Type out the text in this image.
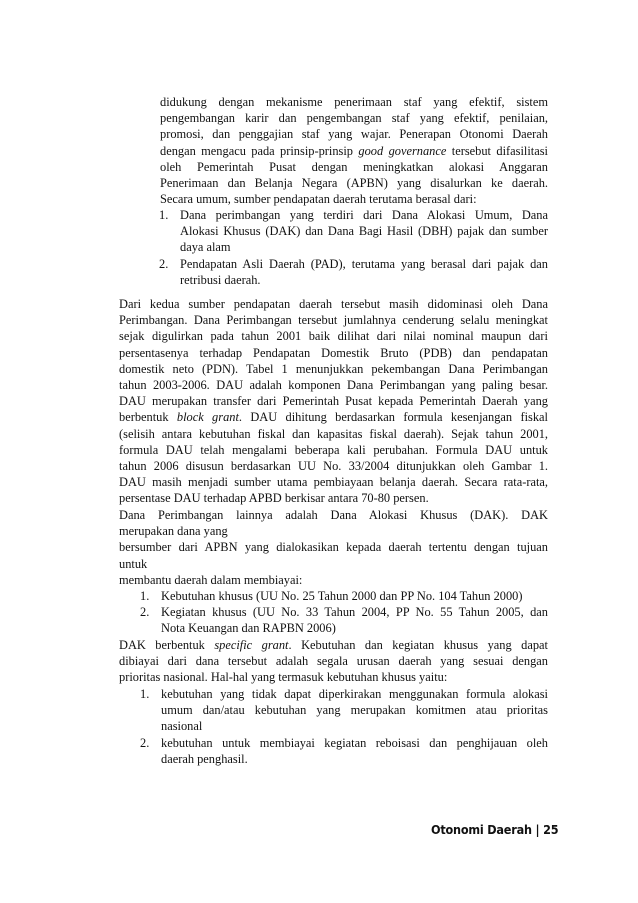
didukung dengan mekanisme penerimaan staf yang efektif, sistem
pengembangan karir dan pengembangan staf yang efektif, penilaian,
promosi, dan penggajian staf yang wajar. Penerapan Otonomi Daerah
dengan mengacu pada prinsip-prinsip good governance tersebut difasilitasi
oleh Pemerintah Pusat dengan meningkatkan alokasi Anggaran
Penerimaan dan Belanja Negara (APBN) yang disalurkan ke daerah.
Secara umum, sumber pendapatan daerah terutama berasal dari:
1. Dana perimbangan yang terdiri dari Dana Alokasi Umum, Dana
Alokasi Khusus (DAK) dan Dana Bagi Hasil (DBH) pajak dan sumber
daya alam
2. Pendapatan Asli Daerah (PAD), terutama yang berasal dari pajak dan
retribusi daerah.
Dari kedua sumber pendapatan daerah tersebut masih didominasi oleh Dana
Perimbangan. Dana Perimbangan tersebut jumlahnya cenderung selalu meningkat
sejak digulirkan pada tahun 2001 baik dilihat dari nilai nominal maupun dari
persentasenya terhadap Pendapatan Domestik Bruto (PDB) dan pendapatan
domestik neto (PDN). Tabel 1 menunjukkan pekembangan Dana Perimbangan
tahun 2003-2006. DAU adalah komponen Dana Perimbangan yang paling besar.
DAU merupakan transfer dari Pemerintah Pusat kepada Pemerintah Daerah yang
berbentuk block grant. DAU dihitung berdasarkan formula kesenjangan fiskal
(selisih antara kebutuhan fiskal dan kapasitas fiskal daerah). Sejak tahun 2001,
formula DAU telah mengalami beberapa kali perubahan. Formula DAU untuk
tahun 2006 disusun berdasarkan UU No. 33/2004 ditunjukkan oleh Gambar 1.
DAU masih menjadi sumber utama pembiayaan belanja daerah. Secara rata-rata,
persentase DAU terhadap APBD berkisar antara 70-80 persen.
Dana Perimbangan lainnya adalah Dana Alokasi Khusus (DAK). DAK
merupakan dana yang
bersumber dari APBN yang dialokasikan kepada daerah tertentu dengan tujuan
untuk
membantu daerah dalam membiayai:
1. Kebutuhan khusus (UU No. 25 Tahun 2000 dan PP No. 104 Tahun 2000)
2. Kegiatan khusus (UU No. 33 Tahun 2004, PP No. 55 Tahun 2005, dan
Nota Keuangan dan RAPBN 2006)
DAK berbentuk specific grant. Kebutuhan dan kegiatan khusus yang dapat
dibiayai dari dana tersebut adalah segala urusan daerah yang sesuai dengan
prioritas nasional. Hal-hal yang termasuk kebutuhan khusus yaitu:
1. kebutuhan yang tidak dapat diperkirakan menggunakan formula alokasi
umum dan/atau kebutuhan yang merupakan komitmen atau prioritas
nasional
2. kebutuhan untuk membiayai kegiatan reboisasi dan penghijauan oleh
daerah penghasil.
Otonomi Daerah | 25
